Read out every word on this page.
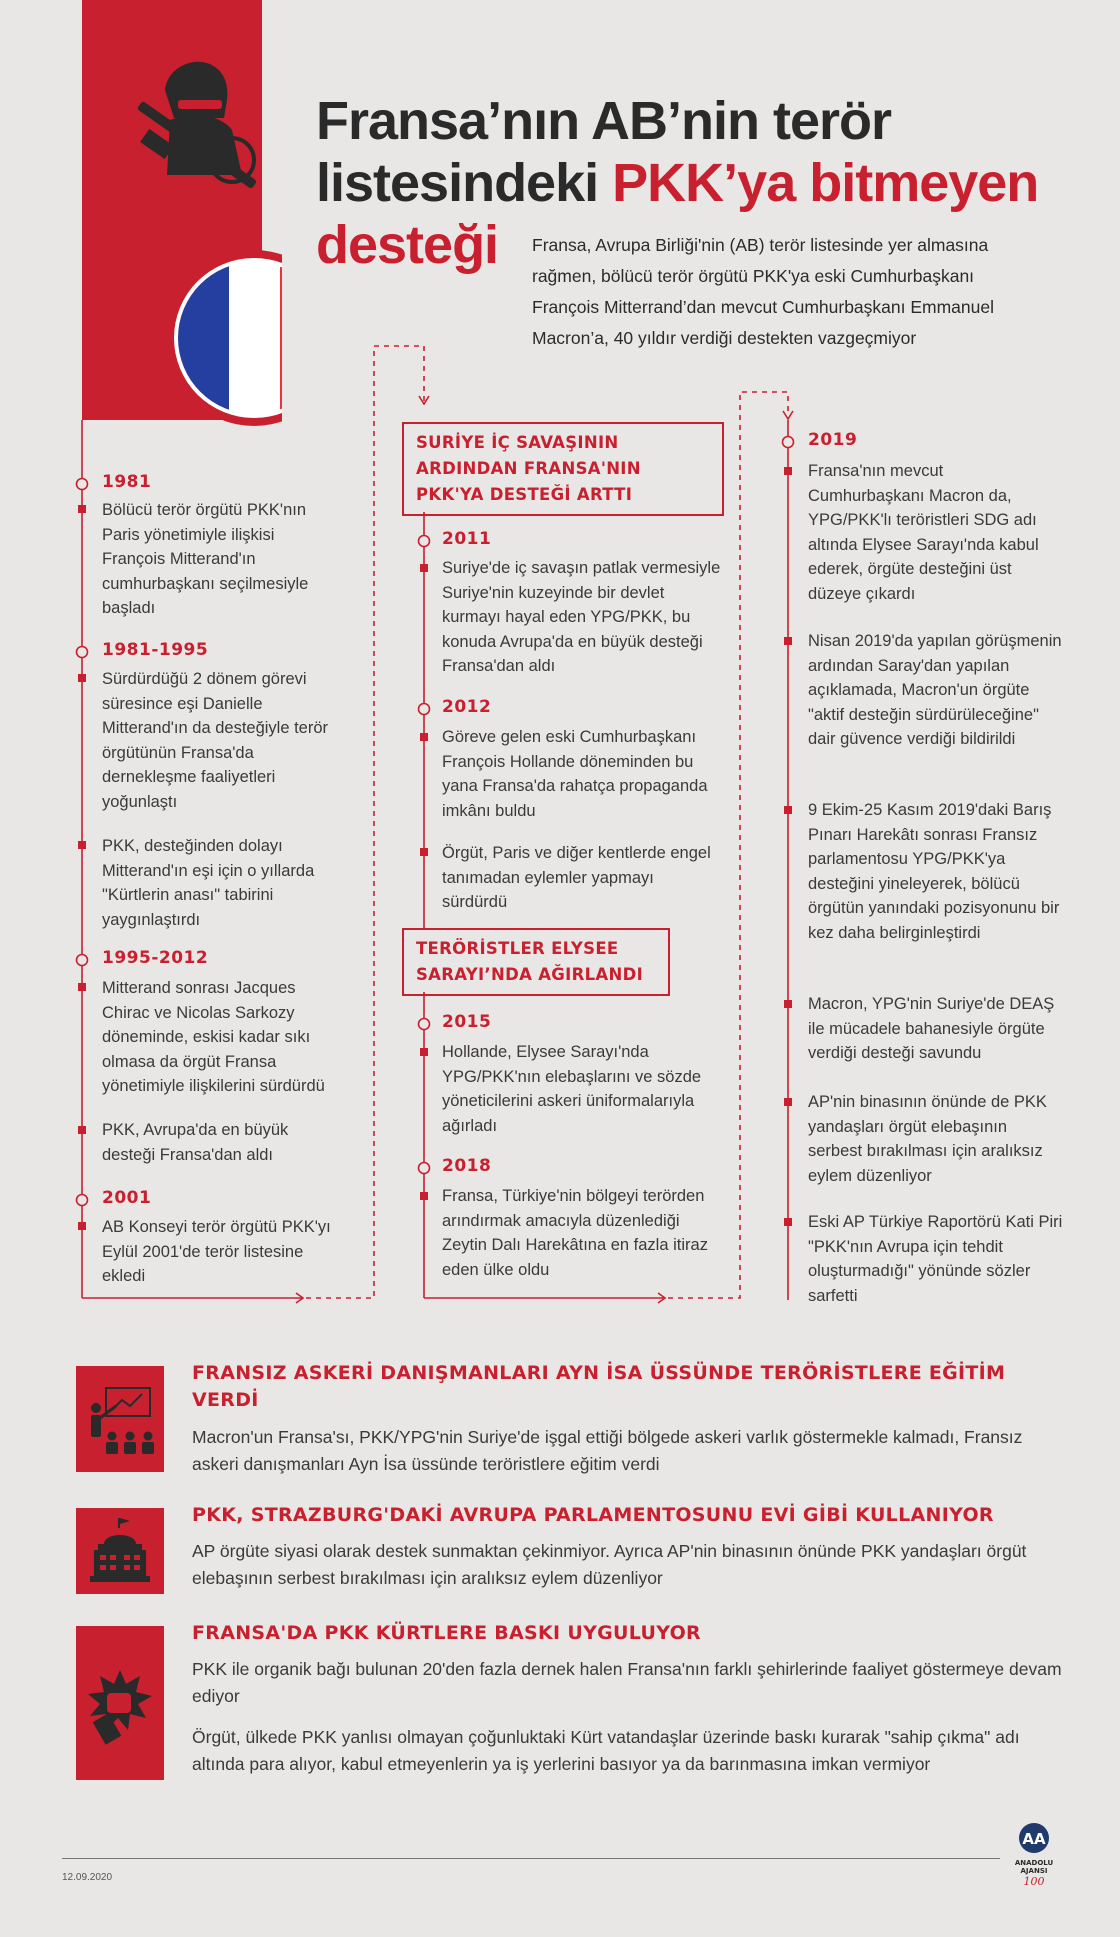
Fransa’nın AB’nin terör
listesindeki PKK’ya bitmeyen
desteği	Fransa, Avrupa Birliği'nin (AB) terör listesinde yer almasına rağmen, bölücü terör örgütü PKK'ya eski Cumhurbaşkanı François Mitterrand’dan mevcut Cumhurbaşkanı Emmanuel Macron’a, 40 yıldır verdiği destekten vazgeçmiyor
1981
Bölücü terör örgütü PKK'nın Paris yönetimiyle ilişkisi François Mitterand'ın cumhurbaşkanı seçilmesiyle başladı
1981-1995
Sürdürdüğü 2 dönem görevi süresince eşi Danielle Mitterand'ın da desteğiyle terör örgütünün Fransa'da dernekleşme faaliyetleri yoğunlaştı
PKK, desteğinden dolayı Mitterand'ın eşi için o yıllarda "Kürtlerin anası" tabirini yaygınlaştırdı
1995-2012
Mitterand sonrası Jacques Chirac ve Nicolas Sarkozy döneminde, eskisi kadar sıkı olmasa da örgüt Fransa yönetimiyle ilişkilerini sürdürdü
PKK, Avrupa'da en büyük desteği Fransa'dan aldı
2001
AB Konseyi terör örgütü PKK'yı Eylül 2001'de terör listesine ekledi
SURİYE İÇ SAVAŞININ ARDINDAN FRANSA'NIN PKK'YA DESTEĞİ ARTTI
2011
Suriye'de iç savaşın patlak vermesiyle Suriye'nin kuzeyinde bir devlet kurmayı hayal eden YPG/PKK, bu konuda Avrupa'da en büyük desteği Fransa'dan aldı
2012
Göreve gelen eski Cumhurbaşkanı François Hollande döneminden bu yana Fransa'da rahatça propaganda imkânı buldu
Örgüt, Paris ve diğer kentlerde engel tanımadan eylemler yapmayı sürdürdü
TERÖRİSTLER ELYSEE SARAYI’NDA AĞIRLANDI
2015
Hollande, Elysee Sarayı'nda YPG/PKK'nın elebaşlarını ve sözde yöneticilerini askeri üniformalarıyla ağırladı
2018
Fransa, Türkiye'nin bölgeyi terörden arındırmak amacıyla düzenlediği Zeytin Dalı Harekâtına en fazla itiraz eden ülke oldu
2019
Fransa'nın mevcut Cumhurbaşkanı Macron da, YPG/PKK'lı teröristleri SDG adı altında Elysee Sarayı'nda kabul ederek, örgüte desteğini üst düzeye çıkardı
Nisan 2019'da yapılan görüşmenin ardından Saray'dan yapılan açıklamada, Macron'un örgüte "aktif desteğin sürdürüleceğine" dair güvence verdiği bildirildi
9 Ekim-25 Kasım 2019'daki Barış Pınarı Harekâtı sonrası Fransız parlamentosu YPG/PKK'ya desteğini yineleyerek, bölücü örgütün yanındaki pozisyonunu bir kez daha belirginleştirdi
Macron, YPG'nin Suriye'de DEAŞ ile mücadele bahanesiyle örgüte verdiği desteği savundu
AP'nin binasının önünde de PKK yandaşları örgüt elebaşının serbest bırakılması için aralıksız eylem düzenliyor
Eski AP Türkiye Raportörü Kati Piri "PKK'nın Avrupa için tehdit oluşturmadığı" yönünde sözler sarfetti
FRANSIZ ASKERİ DANIŞMANLARI AYN İSA ÜSSÜNDE TERÖRİSTLERE EĞİTİM VERDİ
Macron'un Fransa'sı, PKK/YPG'nin Suriye'de işgal ettiği bölgede askeri varlık göstermekle kalmadı, Fransız askeri danışmanları Ayn İsa üssünde teröristlere eğitim verdi
PKK, STRAZBURG'DAKİ AVRUPA PARLAMENTOSUNU EVİ GİBİ KULLANIYOR
AP örgüte siyasi olarak destek sunmaktan çekinmiyor. Ayrıca AP'nin binasının önünde PKK yandaşları örgüt elebaşının serbest bırakılması için aralıksız eylem düzenliyor
FRANSA'DA PKK KÜRTLERE BASKI UYGULUYOR
PKK ile organik bağı bulunan 20'den fazla dernek halen Fransa'nın farklı şehirlerinde faaliyet göstermeye devam ediyor
Örgüt, ülkede PKK yanlısı olmayan çoğunluktaki Kürt vatandaşlar üzerinde baskı kurarak "sahip çıkma" adı altında para alıyor, kabul etmeyenlerin ya iş yerlerini basıyor ya da barınmasına imkan vermiyor
12.09.2020
AA
ANADOLU AJANSI
100
